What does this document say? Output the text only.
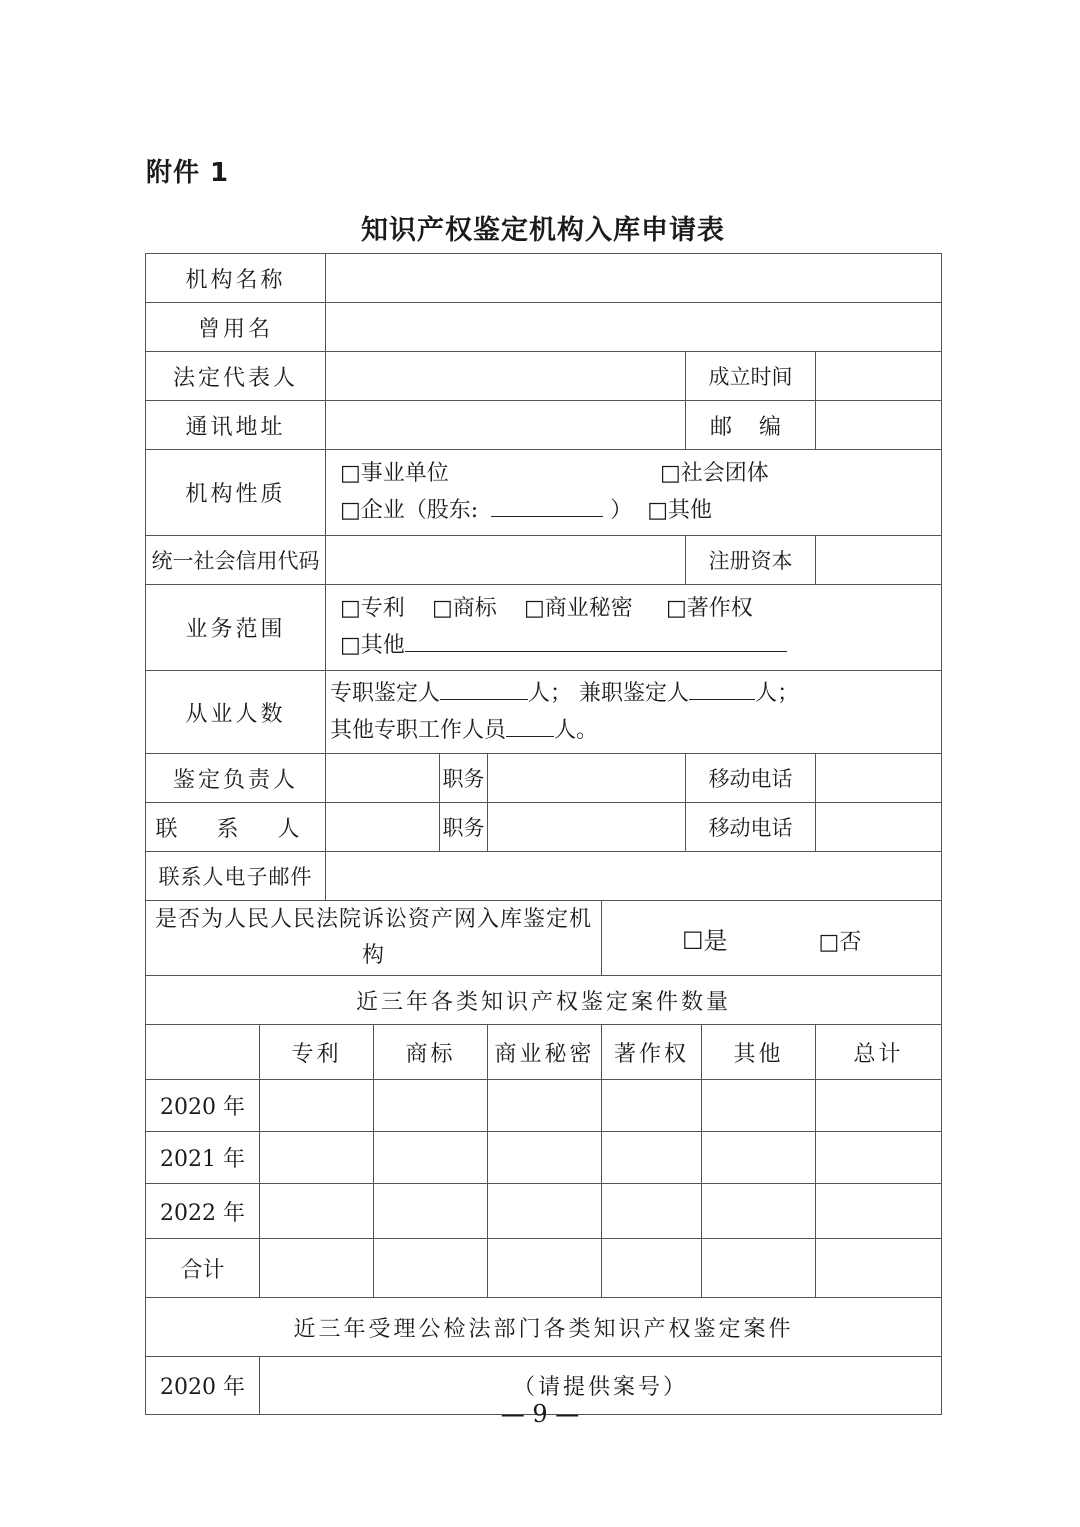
附件 1
知识产权鉴定机构入库申请表
机构名称									
曾用名									
法定代表人							成立时间		
通讯地址							邮 编		
机构性质		□事业单位 □社会团体
□企业（股东: ） □其他							

统一社会信用代码							注册资本		
业务范围		□专利 □商标 □商业秘密 □著作权
□其他							

从业人数		专职鉴定人 人； 兼职鉴定人 人；
其他专职工作人员 人。							

鉴定负责人				职务			移动电话		
联 系 人				职务			移动电话		
联系人电子邮件									
是否为人民人民法院诉讼资产网入库鉴定机构						☐是 □否			
近三年各类知识产权鉴定案件数量									
	专利		商标		商业秘密	著作权		其他	总计
2020 年									
2021 年									
2022 年									
合计									
近三年受理公检法部门各类知识产权鉴定案件									
2020 年	（请提供案号）								
— 9 —
